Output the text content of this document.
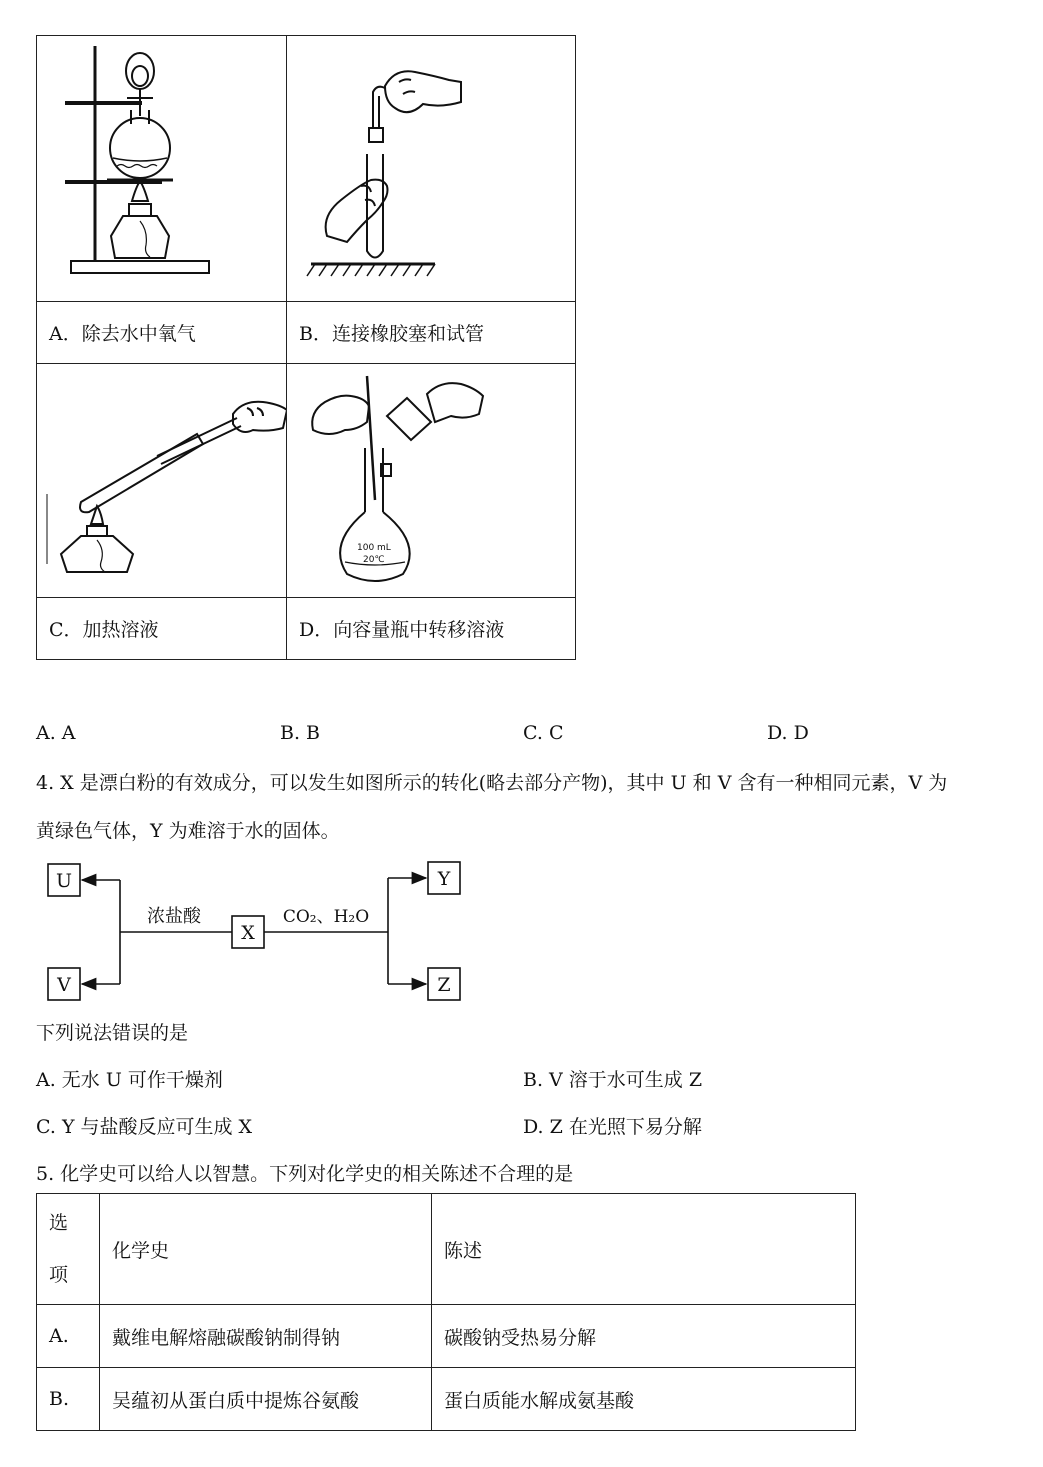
A．除去水中氧气	B．连接橡胶塞和试管

100 mL
20℃

C．加热溶液	D．向容量瓶中转移溶液
A. A	B. B	C. C	D. D
4. X 是漂白粉的有效成分，可以发生如图所示的转化(略去部分产物)，其中 U 和 V 含有一种相同元素，V 为
黄绿色气体，Y 为难溶于水的固体。
U
V
X
Y
Z
浓盐酸	CO₂、H₂O
下列说法错误的是
A. 无水 U 可作干燥剂	B. V 溶于水可生成 Z
C. Y 与盐酸反应可生成 X	D. Z 在光照下易分解
5. 化学史可以给人以智慧。下列对化学史的相关陈述不合理的是
选
项	化学史	陈述
A.	戴维电解熔融碳酸钠制得钠	碳酸钠受热易分解
B.	吴蕴初从蛋白质中提炼谷氨酸	蛋白质能水解成氨基酸
